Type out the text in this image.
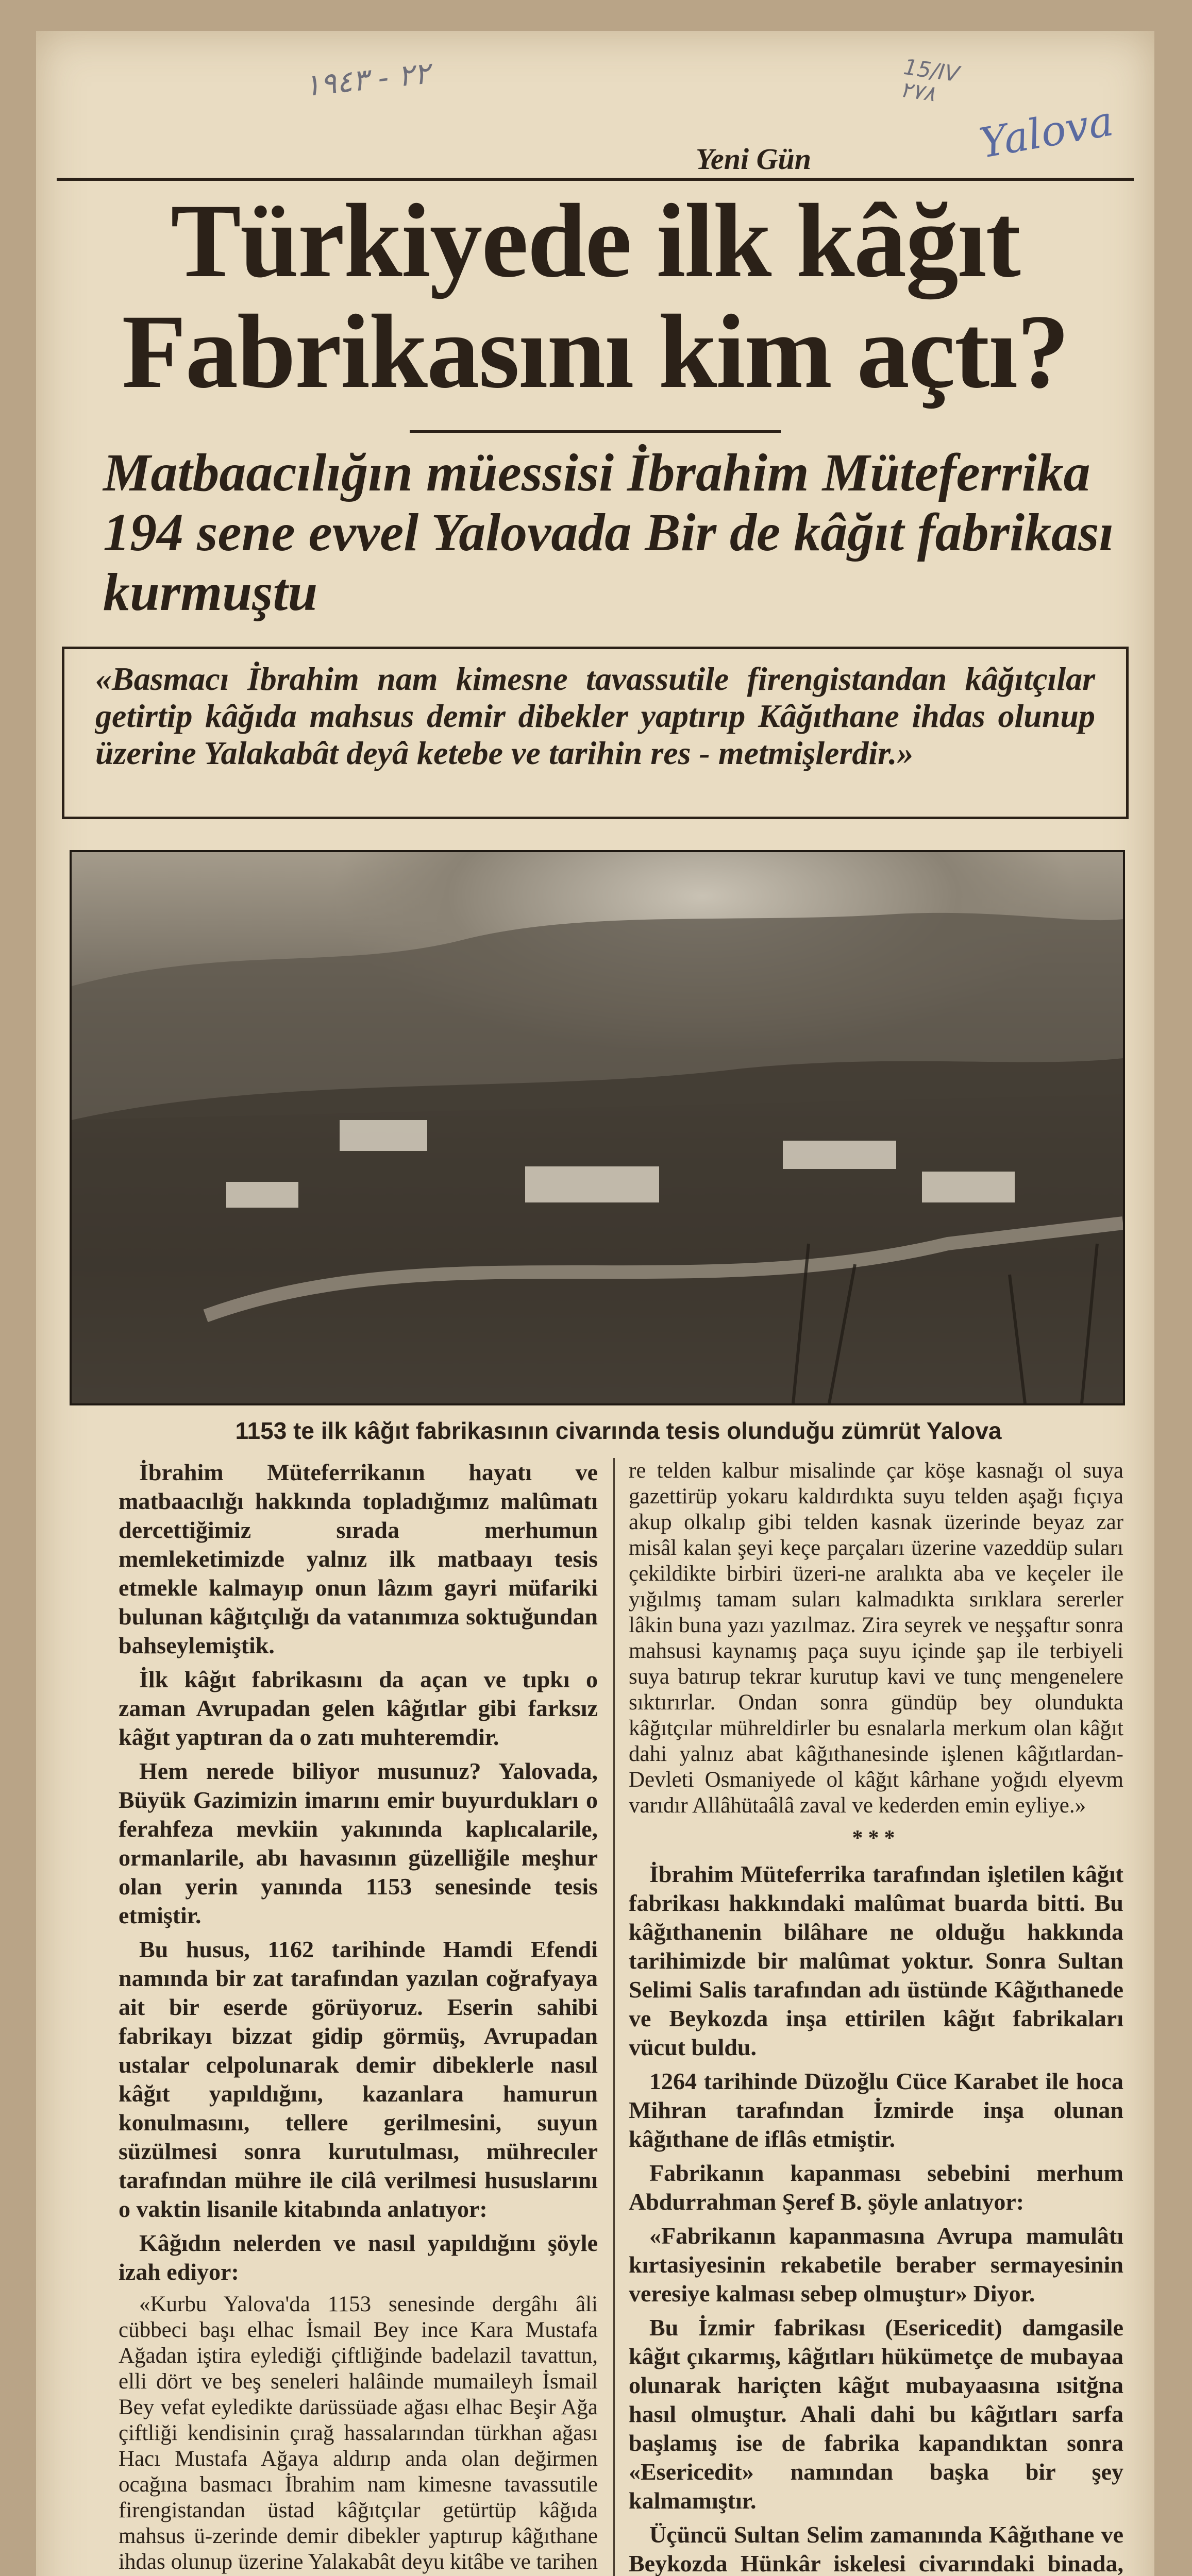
٢٢ ‑ ١٩٤٣	15/IV
٢٧٨
Yalova
Yeni Gün
Türkiyede ilk kâğıt Fabrikasını kim açtı?
Matbaacılığın müessisi İbrahim Müteferrika 194 sene evvel Yalovada Bir de kâğıt fabrikası kurmuştu
«Basmacı İbrahim nam kimesne tavassutile firengistandan kâğıtçılar getirtip kâğıda mahsus demir dibekler yaptırıp Kâğıthane ihdas olunup üzerine Yalakabât deyâ ketebe ve tarihin res - metmişlerdir.»
1153 te ilk kâğıt fabrikasının civarında tesis olunduğu zümrüt Yalova

İbrahim Müteferrikanın hayatı ve matbaacılığı hakkında topladığımız malûmatı dercettiğimiz sırada merhumun memleketimizde yalnız ilk matbaayı tesis etmekle kalmayıp onun lâzım gayri müfariki bulunan kâğıtçılığı da vatanımıza soktuğundan bahseylemiştik.

İlk kâğıt fabrikasını da açan ve tıpkı o zaman Avrupadan gelen kâğıtlar gibi farksız kâğıt yaptıran da o zatı muhteremdir.

Hem nerede biliyor musunuz? Yalovada, Büyük Gazimizin imarını emir buyurdukları o ferahfeza mevkiin yakınında kaplıcalarile, ormanlarile, abı havasının güzelliğile meşhur olan yerin yanında 1153 senesinde tesis etmiştir.

Bu husus, 1162 tarihinde Hamdi Efendi namında bir zat tarafından yazılan coğrafyaya ait bir eserde görüyoruz. Eserin sahibi fabrikayı bizzat gidip görmüş, Avrupadan ustalar celpolunarak demir dibeklerle nasıl kâğıt yapıldığını, kazanlara hamurun konulmasını, tellere gerilmesini, suyun süzülmesi sonra kurutulması, mührecıler tarafından mühre ile cilâ verilmesi hususlarını o vaktin lisanile kitabında anlatıyor:

Kâğıdın nelerden ve nasıl yapıldığını şöyle izah ediyor:

«Kurbu Yalova'da 1153 senesinde dergâhı âli cübbeci başı elhac İsmail Bey ince Kara Mustafa Ağadan iştira eylediği çiftliğinde badelazil tavattun, elli dört ve beş seneleri halâinde mumaileyh İsmail Bey vefat eyledikte darüssüade ağası elhac Beşir Ağa çiftliği kendisinin çırağ hassalarından türkhan ağası Hacı Mustafa Ağaya aldırıp anda olan değirmen ocağına basmacı İbrahim nam kimesne tavassutile firengistandan üstad kâğıtçılar getürtüp kâğıda mahsus ü-zerinde demir dibekler yaptırup kâğıthane ihdas olunup üzerine Yalakabât deyu kitâbe ve tarihen

re telden kalbur misalinde çar köşe kasnağı ol suya gazettirüp yokaru kaldırdıkta suyu telden aşağı fıçıya akup olkalıp gibi telden kasnak üzerinde beyaz zar misâl kalan şeyi keçe parçaları üzerine vazeddüp suları çekildikte birbiri üzeri-ne aralıkta aba ve keçeler ile yığılmış tamam suları kalmadıkta sırıklara sererler lâkin buna yazı yazılmaz. Zira seyrek ve neşşaftır sonra mahsusi kaynamış paça suyu içinde şap ile terbiyeli suya batırup tekrar kurutup kavi ve tunç mengenelere sıktırırlar. Ondan sonra gündüp bey olundukta kâğıtçılar mühreldirler bu esnalarla merkum olan kâğıt dahi yalnız abat kâğıthanesinde işlenen kâğıtlardan-Devleti Osmaniyede ol kâğıt kârhane yoğıdı elyevm varıdır Allâhütaâlâ zaval ve kederden emin eyliye.»

***

İbrahim Müteferrika tarafından işletilen kâğıt fabrikası hakkındaki malûmat buarda bitti. Bu kâğıthanenin bilâhare ne olduğu hakkında tarihimizde bir malûmat yoktur. Sonra Sultan Selimi Salis tarafından adı üstünde Kâğıthanede ve Beykozda inşa ettirilen kâğıt fabrikaları vücut buldu.

1264 tarihinde Düzoğlu Cüce Karabet ile hoca Mihran tarafından İzmirde inşa olunan kâğıthane de iflâs etmiştir.

Fabrikanın kapanması sebebini merhum Abdurrahman Şeref B. şöyle anlatıyor:

«Fabrikanın kapanmasına Avrupa mamulâtı kırtasiyesinin rekabetile beraber sermayesinin veresiye kalması sebep olmuştur» Diyor.

Bu İzmir fabrikası (Esericedit) damgasile kâğıt çıkarmış, kâğıtları hükümetçe de mubayaa olunarak hariçten kâğıt mubayaasına ısitğna hasıl olmuştur. Ahali dahi bu kâğıtları sarfa başlamış ise de fabrika kapandıktan sonra «Esericedit» namından başka bir şey kalmamıştır.

Üçüncü Sultan Selim zamanında Kâğıthane ve Beykozda Hünkâr iskelesi civarındaki binada,
